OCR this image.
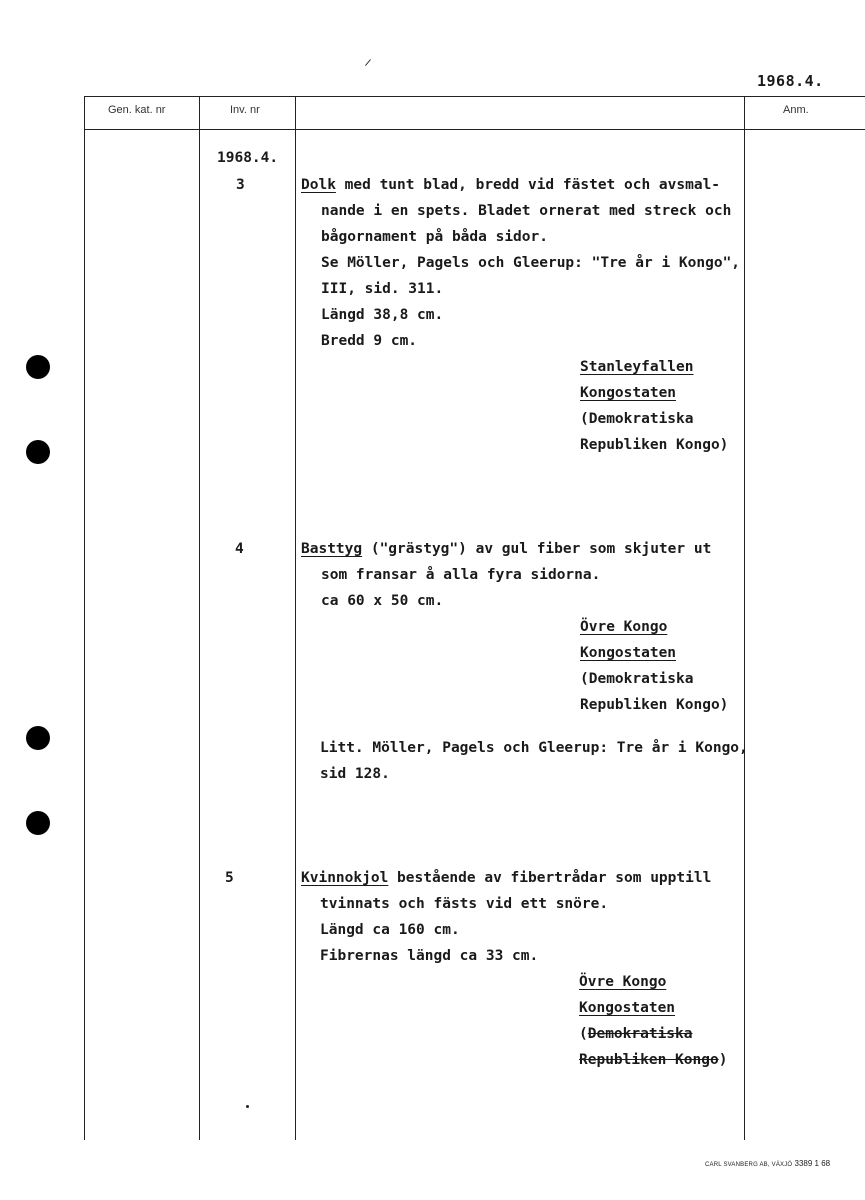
1968.4.
Gen. kat. nr	Inv. nr	Anm.
1968.4.
3	Dolk med tunt blad, bredd vid fästet och avsmal-
nande i en spets. Bladet ornerat med streck och
bågornament på båda sidor.
Se Möller, Pagels och Gleerup: "Tre år i Kongo",
III, sid. 311.
Längd 38,8 cm.
Bredd 9 cm.
Stanleyfallen
Kongostaten
(Demokratiska
Republiken Kongo)
4	Basttyg ("grästyg") av gul fiber som skjuter ut
som fransar å alla fyra sidorna.
ca 60 x 50 cm.
Övre Kongo
Kongostaten
(Demokratiska
Republiken Kongo)
Litt. Möller, Pagels och Gleerup: Tre år i Kongo,
sid 128.
5	Kvinnokjol bestående av fibertrådar som upptill
tvinnats och fästs vid ett snöre.
Längd ca 160 cm.
Fibrernas längd ca 33 cm.
Övre Kongo
Kongostaten
(Demokratiska
Republiken Kongo)
CARL SVANBERG AB, VÄXJÖ 3389 1 68
